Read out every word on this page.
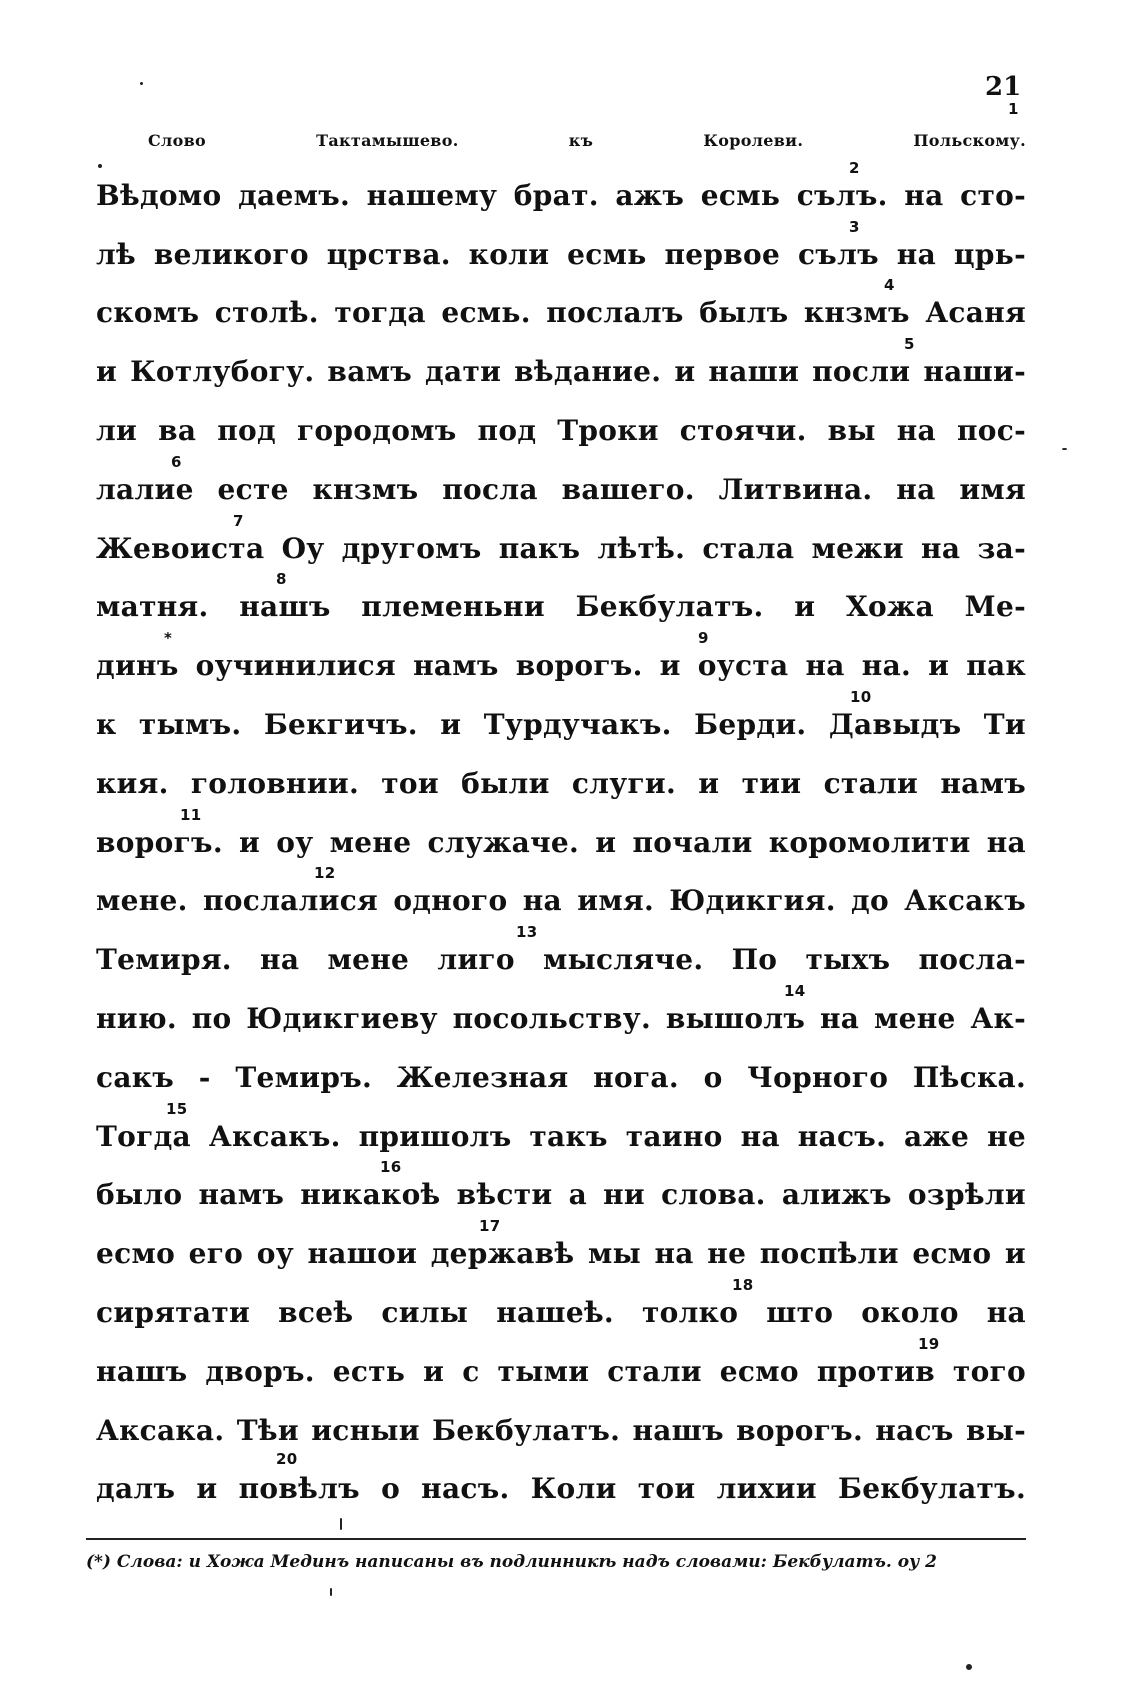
21
Слово Тактамышево. къ Королеви. Польскому.
1
Вѣдомо даемъ. нашему брат. ажъ есмь сълъ. на сто-
2
лѣ великого црства. коли есмь первое сълъ на црь-
3
скомъ столѣ. тогда есмь. послалъ былъ кнзмъ Асаня
4
и Котлубогу. вамъ дати вѣдание. и наши посли наши-
5
ли ва под городомъ под Троки стоячи. вы на пос-
лалие есте кнзмъ посла вашего. Литвина. на имя
6
Жевоиста Оу другомъ пакъ лѣтѣ. стала межи на за-
7
матня. нашъ племеньни Бекбулатъ. и Хожа Ме-
8
динъ оучинилися намъ ворогъ. и оуста на на. и пак
*	9
к тымъ. Бекгичъ. и Турдучакъ. Берди. Давыдъ Ти
10
кия. головнии. тои были слуги. и тии стали намъ
ворогъ. и оу мене служаче. и почали коромолити на
11
мене. послалися одного на имя. Юдикгия. до Аксакъ
12
Темиря. на мене лиго мысляче. По тыхъ посла-
13
нию. по Юдикгиеву посольству. вышолъ на мене Ак-
14
сакъ - Темиръ. Железная нога. о Чорного Пѣска.
Тогда Аксакъ. пришолъ такъ таино на насъ. аже не
15
было намъ никакоѣ вѣсти а ни слова. алижъ озрѣли
16
есмо его оу нашои державѣ мы на не поспѣли есмо и
17
сирятати всеѣ силы нашеѣ. толко што около на
18
нашъ дворъ. есть и с тыми стали есмо против того
19
Аксака. Тѣи исныи Бекбулатъ. нашъ ворогъ. насъ вы-
20
далъ и повѣлъ о насъ. Коли тои лихии Бекбулатъ.
(*) Слова: и Хожа Мединъ написаны въ подлинникѣ надъ словами: Бекбулатъ. оу 2
